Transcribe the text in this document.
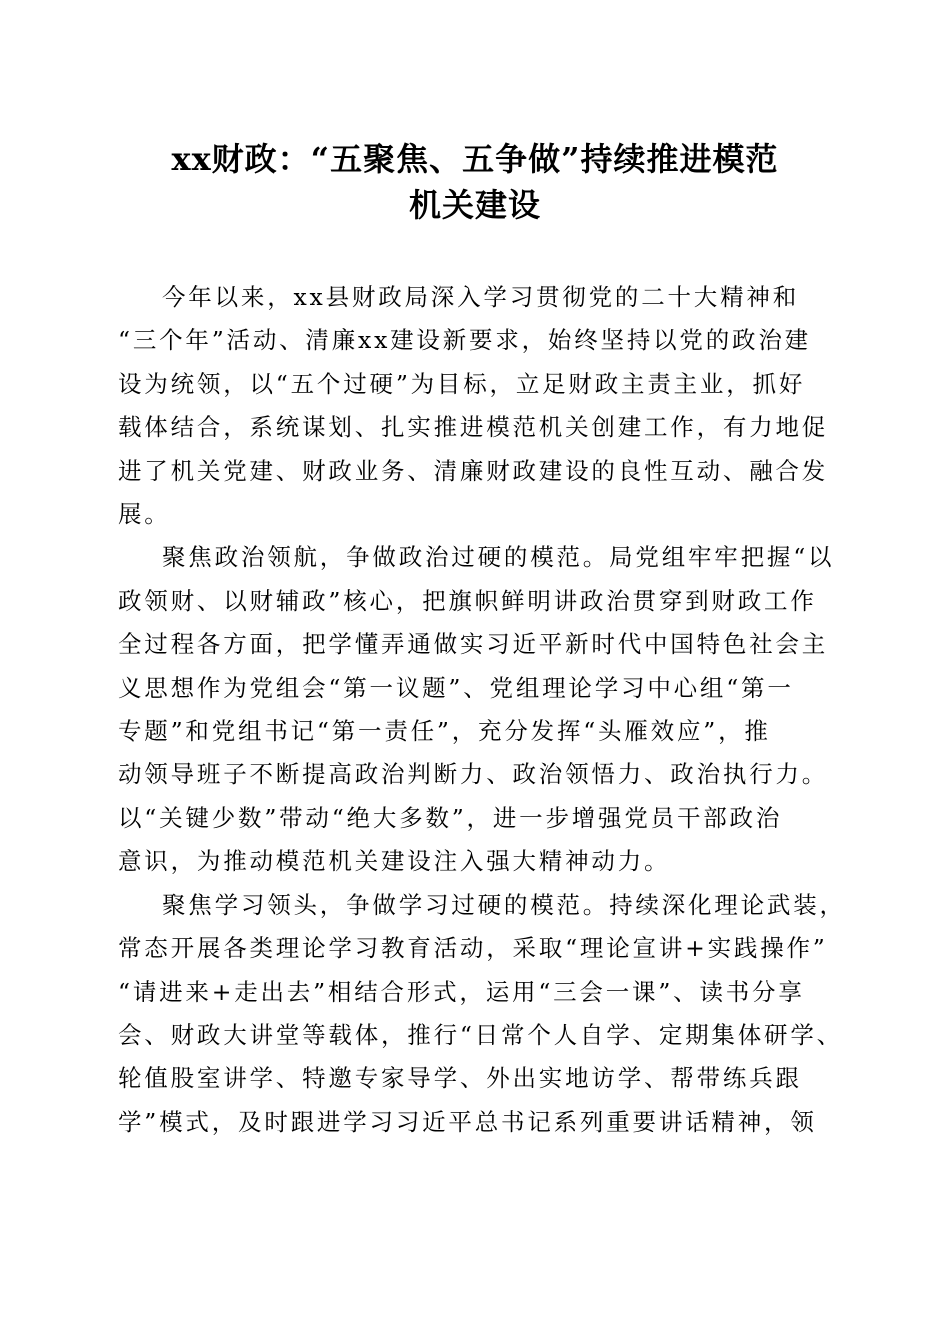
xx财政：“五聚焦、五争做”持续推进模范
机关建设

今年以来，xx县财政局深入学习贯彻党的二十大精神和
“三个年”活动、清廉xx建设新要求，始终坚持以党的政治建
设为统领，以“五个过硬”为目标，立足财政主责主业，抓好
载体结合，系统谋划、扎实推进模范机关创建工作，有力地促
进了机关党建、财政业务、清廉财政建设的良性互动、融合发
展。

聚焦政治领航，争做政治过硬的模范。局党组牢牢把握“以
政领财、以财辅政”核心，把旗帜鲜明讲政治贯穿到财政工作
全过程各方面，把学懂弄通做实习近平新时代中国特色社会主
义思想作为党组会“第一议题”、党组理论学习中心组“第一
专题”和党组书记“第一责任”，充分发挥“头雁效应”，推
动领导班子不断提高政治判断力、政治领悟力、政治执行力。
以“关键少数”带动“绝大多数”，进一步增强党员干部政治
意识，为推动模范机关建设注入强大精神动力。

聚焦学习领头，争做学习过硬的模范。持续深化理论武装，
常态开展各类理论学习教育活动，采取“理论宣讲+实践操作”
“请进来+走出去”相结合形式，运用“三会一课”、读书分享
会、财政大讲堂等载体，推行“日常个人自学、定期集体研学、
轮值股室讲学、特邀专家导学、外出实地访学、帮带练兵跟
学”模式，及时跟进学习习近平总书记系列重要讲话精神，领
